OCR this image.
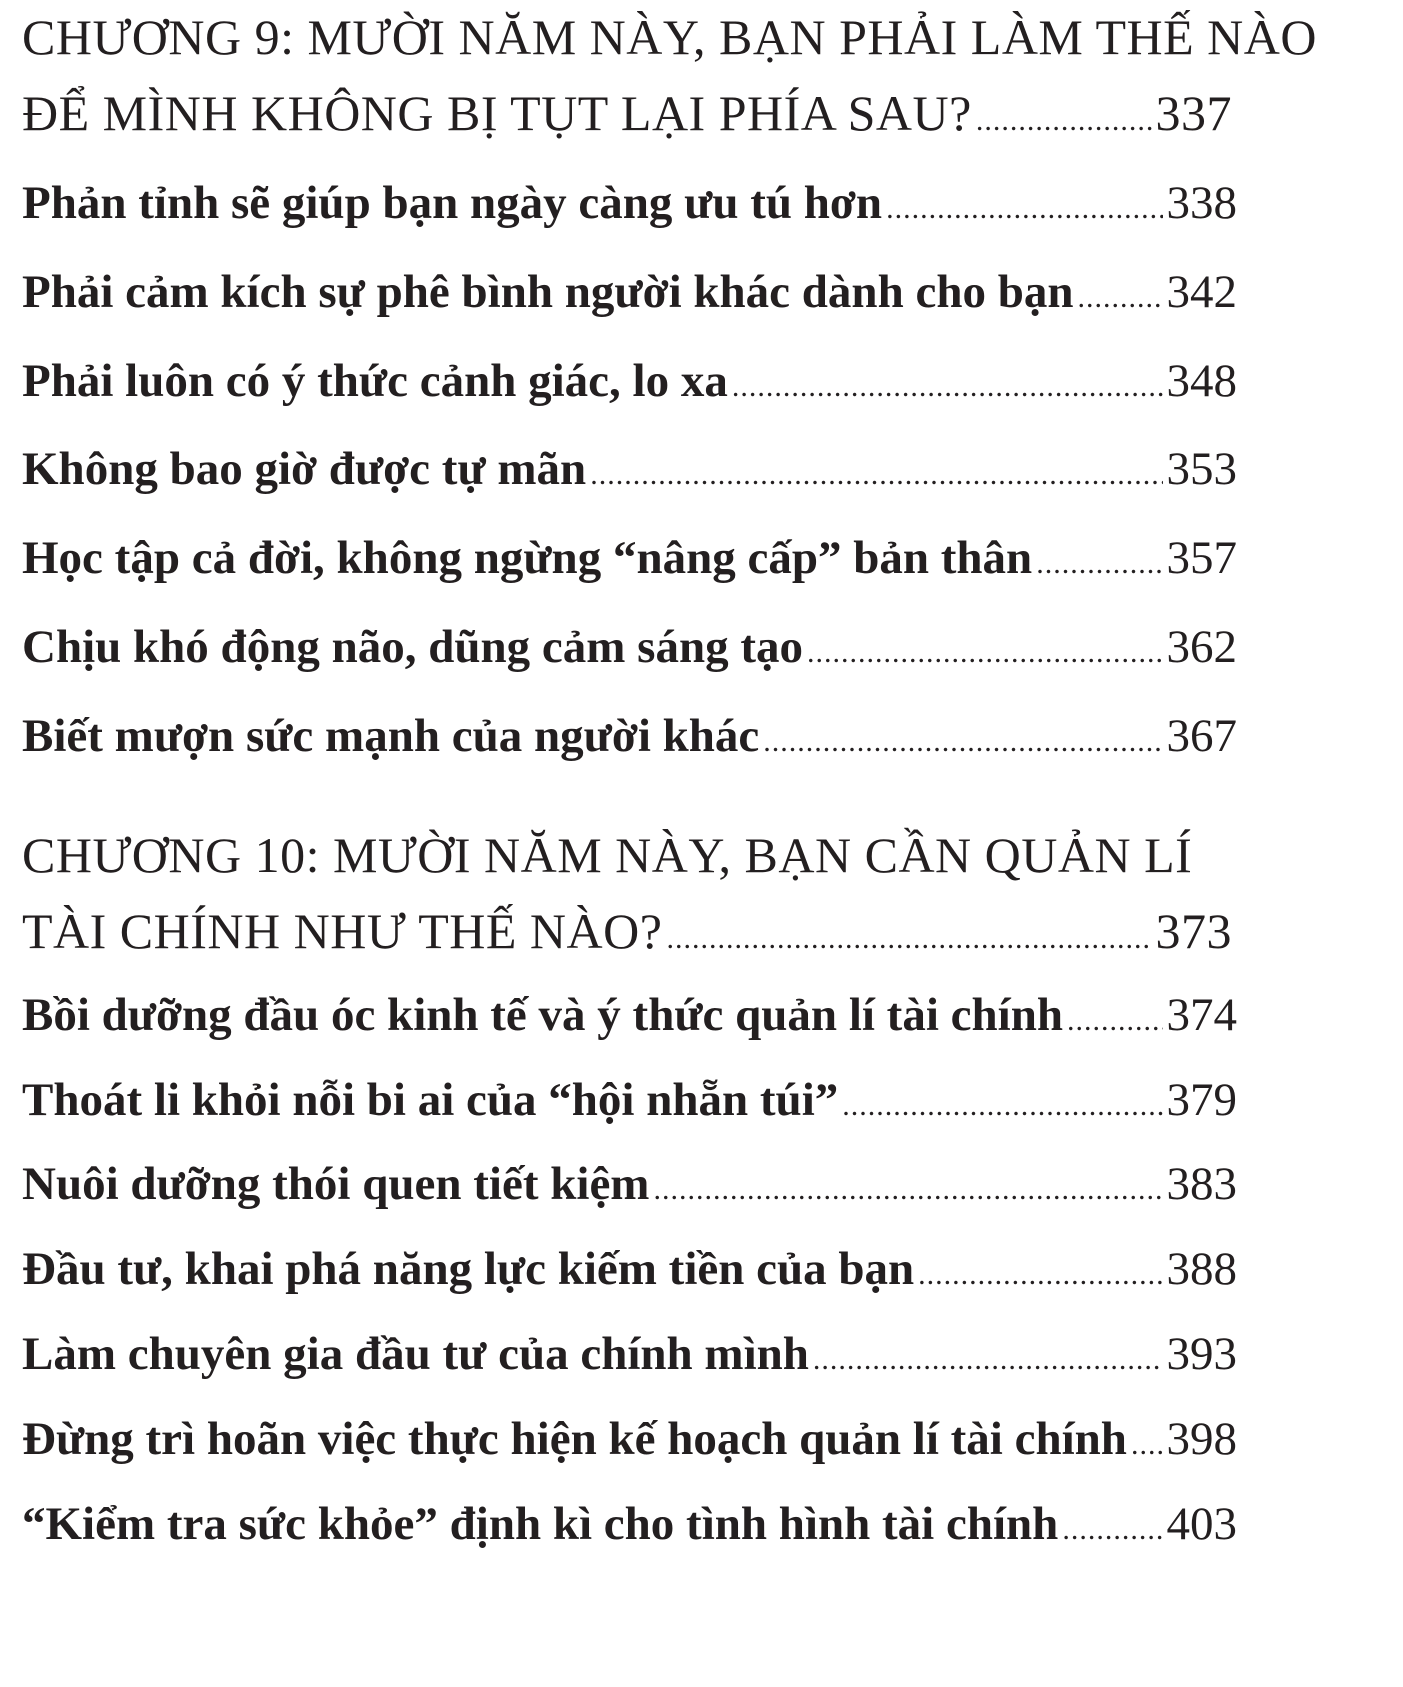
CHƯƠNG 9: MƯỜI NĂM NÀY, BẠN PHẢI LÀM THẾ NÀO
ĐỂ MÌNH KHÔNG BỊ TỤT LẠI PHÍA SAU? .....	337
Phản tỉnh sẽ giúp bạn ngày càng ưu tú hơn .....	338
Phải cảm kích sự phê bình người khác dành cho bạn ..... 342
Phải luôn có ý thức cảnh giác, lo xa .....	348
Không bao giờ được tự mãn .....	353
Học tập cả đời, không ngừng “nâng cấp” bản thân .....	357
Chịu khó động não, dũng cảm sáng tạo .....	362
Biết mượn sức mạnh của người khác .....	367
CHƯƠNG 10: MƯỜI NĂM NÀY, BẠN CẦN QUẢN LÍ
TÀI CHÍNH NHƯ THẾ NÀO? .....	373
Bồi dưỡng đầu óc kinh tế và ý thức quản lí tài chính ..... 374
Thoát li khỏi nỗi bi ai của “hội nhẵn túi” .....	379
Nuôi dưỡng thói quen tiết kiệm .....	383
Đầu tư, khai phá năng lực kiếm tiền của bạn .....	388
Làm chuyên gia đầu tư của chính mình .....	393
Đừng trì hoãn việc thực hiện kế hoạch quản lí tài chính ..... 398
“Kiểm tra sức khỏe” định kì cho tình hình tài chính ..... 403
